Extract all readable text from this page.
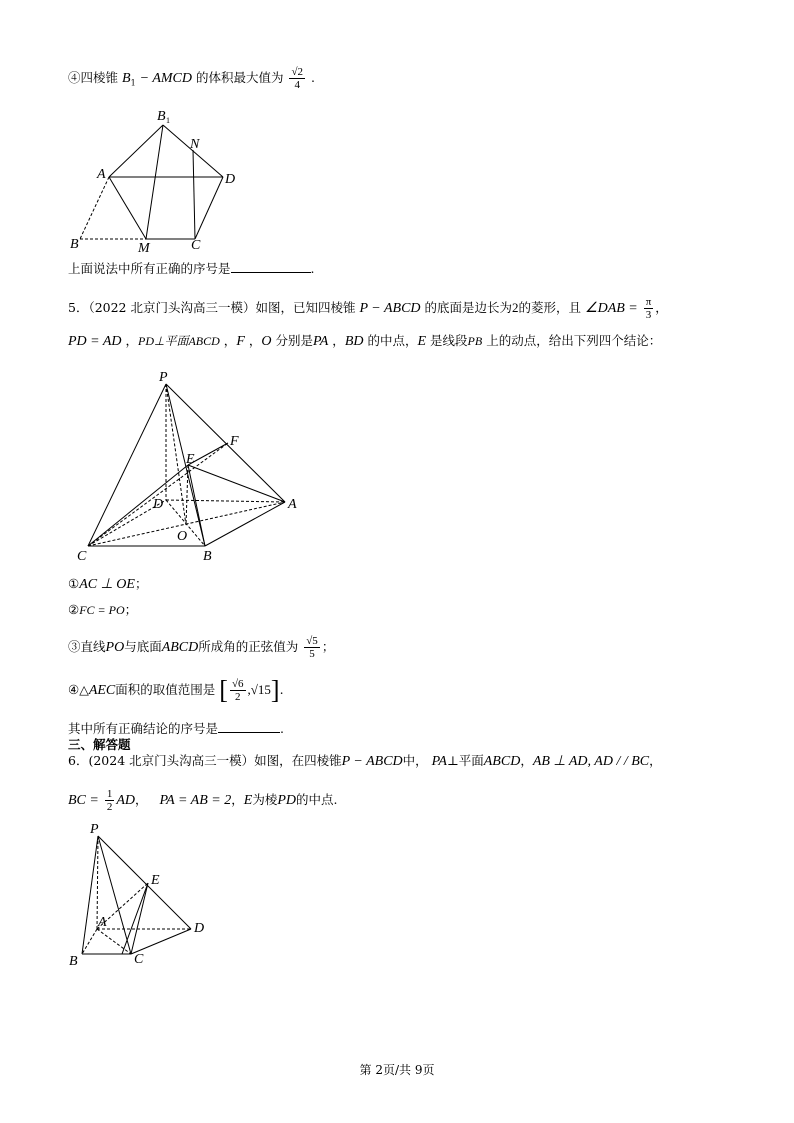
④四棱锥 $B_1$ − AMCD 的体积最大值为 $\frac{√2}{4}$ .
B 1
N
A	D
B	M	C
上面说法中所有正确的序号是	.
5．（2022 北京门头沟高三一模）如图，已知四棱锥 P − ABCD 的底面是边长为2的菱形，且 ∠DAB = $\frac{\pi}{3}$ ，
PD = AD ，PD⊥平面ABCD ，F ，O 分别是PA ，BD 的中点，E 是线段PB 上的动点，给出下列四个结论：
P
F
E
D	A
O
C	B
①AC ⊥ OE；
②FC = PO；
③直线PO与底面ABCD所成角的正弦值为 $\frac{√5}{5}$ ；
④△AEC面积的取值范围是 [ $\frac{√6}{2} ,√15$].
其中所有正确结论的序号是	.
三、解答题
6．(2024 北京门头沟高三一模）如图，在四棱锥P − ABCD中， PA⊥平面ABCD，AB ⊥ AD, AD / / BC，
BC = $\frac{1}{2}$ AD， PA = AB = 2，E为棱PD的中点.
P
E
A	D
B	C
第 2页/共 9页
